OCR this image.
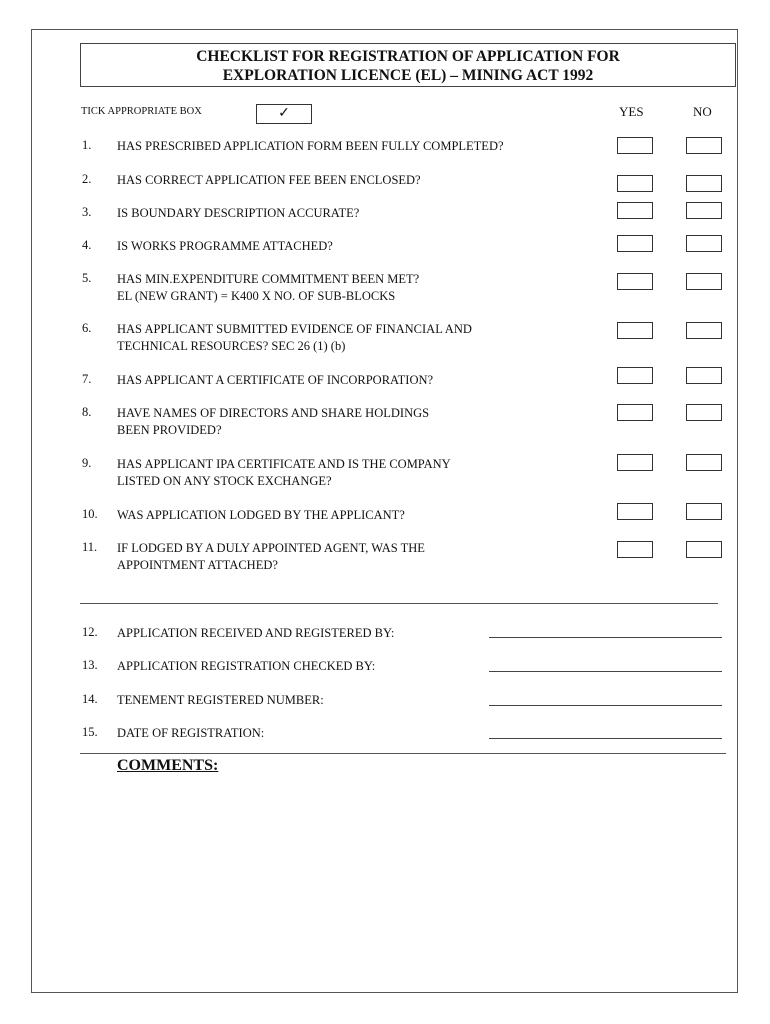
CHECKLIST FOR REGISTRATION OF APPLICATION FOR
EXPLORATION LICENCE (EL) – MINING ACT 1992
TICK APPROPRIATE BOX	✓	YES	NO
1. HAS PRESCRIBED APPLICATION FORM BEEN FULLY COMPLETED?
2. HAS CORRECT APPLICATION FEE BEEN ENCLOSED?
3. IS BOUNDARY DESCRIPTION ACCURATE?
4. IS WORKS PROGRAMME ATTACHED?
5. HAS MIN.EXPENDITURE COMMITMENT BEEN MET?
EL (NEW GRANT) = K400 X NO. OF SUB-BLOCKS
6. HAS APPLICANT SUBMITTED EVIDENCE OF FINANCIAL AND
TECHNICAL RESOURCES? SEC 26 (1) (b)
7. HAS APPLICANT A CERTIFICATE OF INCORPORATION?
8. HAVE NAMES OF DIRECTORS AND SHARE HOLDINGS
BEEN PROVIDED?
9. HAS APPLICANT IPA CERTIFICATE AND IS THE COMPANY
LISTED ON ANY STOCK EXCHANGE?
10. WAS APPLICATION LODGED BY THE APPLICANT?
11. IF LODGED BY A DULY APPOINTED AGENT, WAS THE
APPOINTMENT ATTACHED?
12. APPLICATION RECEIVED AND REGISTERED BY:
13. APPLICATION REGISTRATION CHECKED BY:
14. TENEMENT REGISTERED NUMBER:
15. DATE OF REGISTRATION:
COMMENTS:
